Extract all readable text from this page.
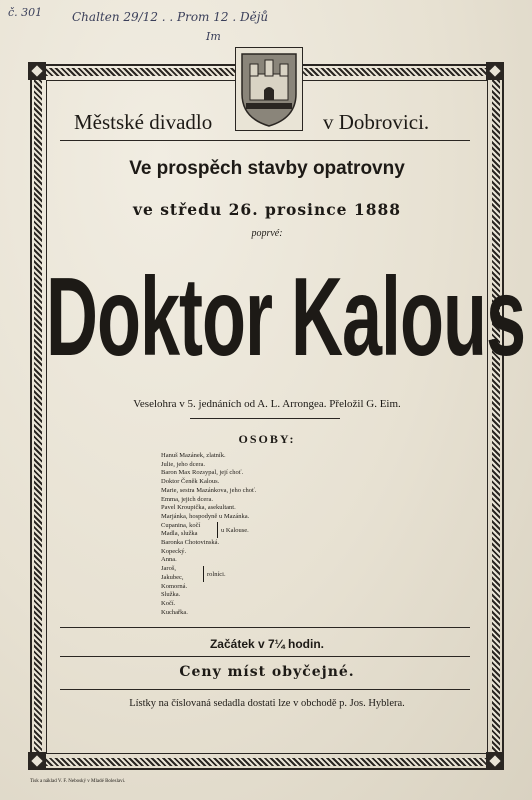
č. 301 Chalten 29/12 . . Prom 12 . Dějů
Im
Městské divadlo	v Dobrovici.
Ve prospěch stavby opatrovny
ve středu 26. prosince 1888
poprvé:
Doktor Kalous
Veselohra v 5. jednáních od A. L. Arrongea. Přeložil G. Eim.
OSOBY:
Hanuš Mazánek, zlatník.
Julie, jeho dcera.
Baron Max Rozsypal, její choť.
Doktor Čeněk Kalous.
Marie, sestra Mazánkova, jeho choť.
Emma, jejich dcera.
Pavel Kroupička, asekultant.
Marjánka, hospodyně u Mazánka.
Cupanina, kočí
Madla, služka
Baronka Chotovinská.
Kopecký.
Anna.
Jaroš,
Jakubec,
Komorná.
Služka.
Kočí.
Kuchařka.
u Kalouse.
rolníci.
Začátek v 7¼ hodin.
Ceny míst obyčejné.
Lístky na číslovaná sedadla dostati lze v obchodě p. Jos. Hyblera.
Tisk a náklad V. F. Neboský v Mladé Boleslavi.
